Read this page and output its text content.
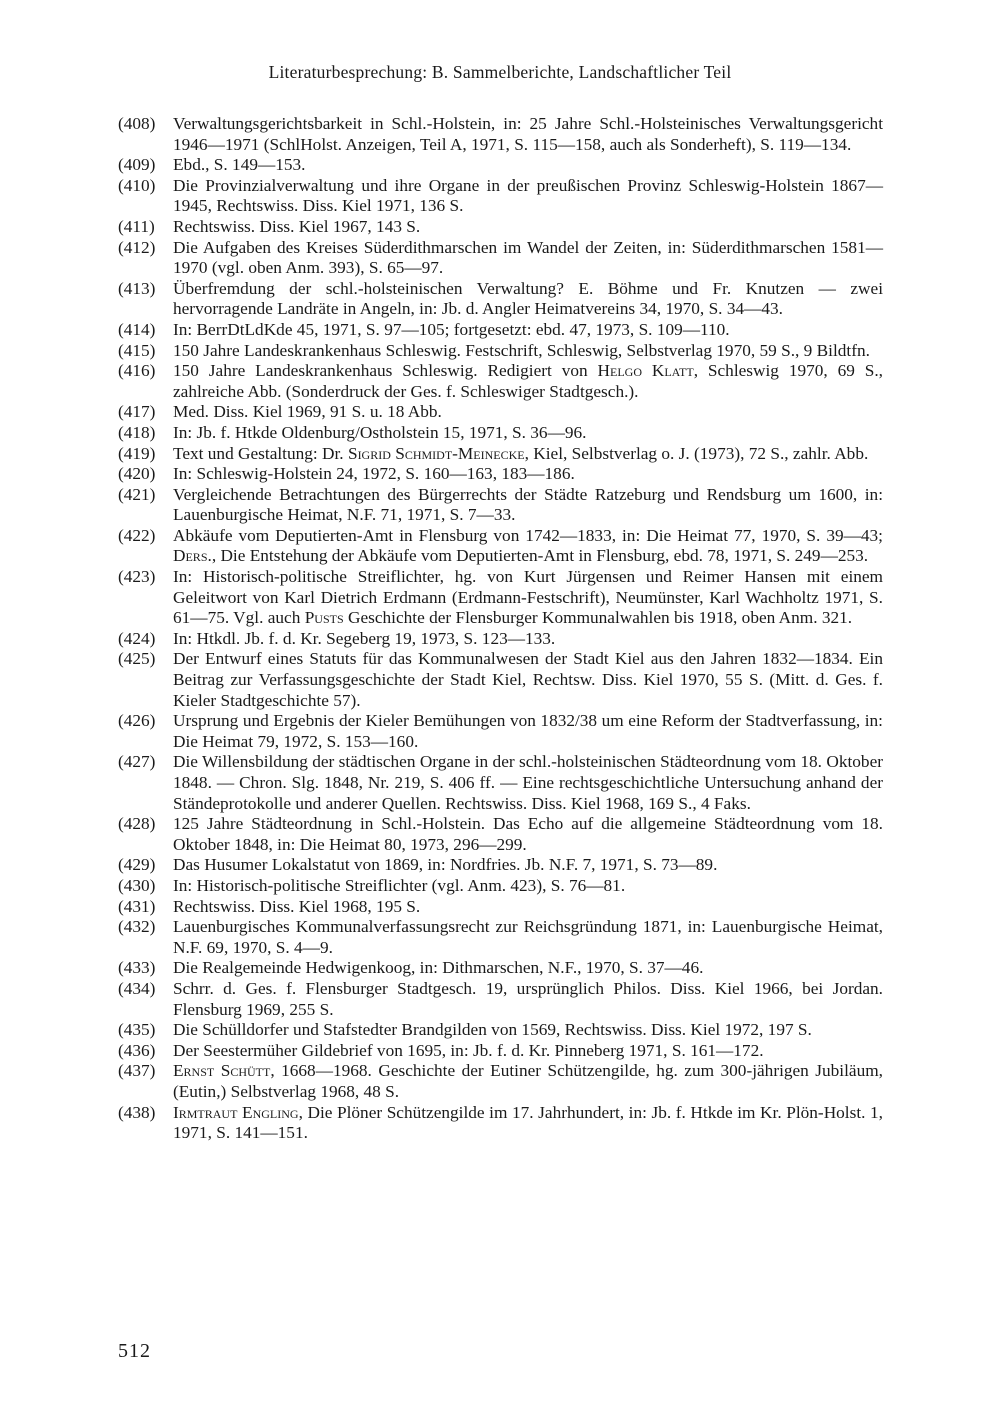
Literaturbesprechung: B. Sammelberichte, Landschaftlicher Teil
(408) Verwaltungsgerichtsbarkeit in Schl.-Holstein, in: 25 Jahre Schl.-Holsteinisches Verwaltungsgericht 1946—1971 (SchlHolst. Anzeigen, Teil A, 1971, S. 115—158, auch als Sonderheft), S. 119—134.
(409) Ebd., S. 149—153.
(410) Die Provinzialverwaltung und ihre Organe in der preußischen Provinz Schleswig-Holstein 1867—1945, Rechtswiss. Diss. Kiel 1971, 136 S.
(411) Rechtswiss. Diss. Kiel 1967, 143 S.
(412) Die Aufgaben des Kreises Süderdithmarschen im Wandel der Zeiten, in: Süderdithmarschen 1581—1970 (vgl. oben Anm. 393), S. 65—97.
(413) Überfremdung der schl.-holsteinischen Verwaltung? E. Böhme und Fr. Knutzen — zwei hervorragende Landräte in Angeln, in: Jb. d. Angler Heimatvereins 34, 1970, S. 34—43.
(414) In: BerrDtLdKde 45, 1971, S. 97—105; fortgesetzt: ebd. 47, 1973, S. 109—110.
(415) 150 Jahre Landeskrankenhaus Schleswig. Festschrift, Schleswig, Selbstverlag 1970, 59 S., 9 Bildtfn.
(416) 150 Jahre Landeskrankenhaus Schleswig. Redigiert von Helgo Klatt, Schleswig 1970, 69 S., zahlreiche Abb. (Sonderdruck der Ges. f. Schleswiger Stadtgesch.).
(417) Med. Diss. Kiel 1969, 91 S. u. 18 Abb.
(418) In: Jb. f. Htkde Oldenburg/Ostholstein 15, 1971, S. 36—96.
(419) Text und Gestaltung: Dr. Sigrid Schmidt-Meinecke, Kiel, Selbstverlag o. J. (1973), 72 S., zahlr. Abb.
(420) In: Schleswig-Holstein 24, 1972, S. 160—163, 183—186.
(421) Vergleichende Betrachtungen des Bürgerrechts der Städte Ratzeburg und Rendsburg um 1600, in: Lauenburgische Heimat, N.F. 71, 1971, S. 7—33.
(422) Abkäufe vom Deputierten-Amt in Flensburg von 1742—1833, in: Die Heimat 77, 1970, S. 39—43; Ders., Die Entstehung der Abkäufe vom Deputierten-Amt in Flensburg, ebd. 78, 1971, S. 249—253.
(423) In: Historisch-politische Streiflichter, hg. von Kurt Jürgensen und Reimer Hansen mit einem Geleitwort von Karl Dietrich Erdmann (Erdmann-Festschrift), Neumünster, Karl Wachholtz 1971, S. 61—75. Vgl. auch Pusts Geschichte der Flensburger Kommunalwahlen bis 1918, oben Anm. 321.
(424) In: Htkdl. Jb. f. d. Kr. Segeberg 19, 1973, S. 123—133.
(425) Der Entwurf eines Statuts für das Kommunalwesen der Stadt Kiel aus den Jahren 1832—1834. Ein Beitrag zur Verfassungsgeschichte der Stadt Kiel, Rechtsw. Diss. Kiel 1970, 55 S. (Mitt. d. Ges. f. Kieler Stadtgeschichte 57).
(426) Ursprung und Ergebnis der Kieler Bemühungen von 1832/38 um eine Reform der Stadtverfassung, in: Die Heimat 79, 1972, S. 153—160.
(427) Die Willensbildung der städtischen Organe in der schl.-holsteinischen Städteordnung vom 18. Oktober 1848. — Chron. Slg. 1848, Nr. 219, S. 406 ff. — Eine rechtsgeschichtliche Untersuchung anhand der Ständeprotokolle und anderer Quellen. Rechtswiss. Diss. Kiel 1968, 169 S., 4 Faks.
(428) 125 Jahre Städteordnung in Schl.-Holstein. Das Echo auf die allgemeine Städteordnung vom 18. Oktober 1848, in: Die Heimat 80, 1973, 296—299.
(429) Das Husumer Lokalstatut von 1869, in: Nordfries. Jb. N.F. 7, 1971, S. 73—89.
(430) In: Historisch-politische Streiflichter (vgl. Anm. 423), S. 76—81.
(431) Rechtswiss. Diss. Kiel 1968, 195 S.
(432) Lauenburgisches Kommunalverfassungsrecht zur Reichsgründung 1871, in: Lauenburgische Heimat, N.F. 69, 1970, S. 4—9.
(433) Die Realgemeinde Hedwigenkoog, in: Dithmarschen, N.F., 1970, S. 37—46.
(434) Schrr. d. Ges. f. Flensburger Stadtgesch. 19, ursprünglich Philos. Diss. Kiel 1966, bei Jordan. Flensburg 1969, 255 S.
(435) Die Schülldorfer und Stafstedter Brandgilden von 1569, Rechtswiss. Diss. Kiel 1972, 197 S.
(436) Der Seestermüher Gildebrief von 1695, in: Jb. f. d. Kr. Pinneberg 1971, S. 161—172.
(437) Ernst Schütt, 1668—1968. Geschichte der Eutiner Schützengilde, hg. zum 300-jährigen Jubiläum, (Eutin,) Selbstverlag 1968, 48 S.
(438) Irmtraut Engling, Die Plöner Schützengilde im 17. Jahrhundert, in: Jb. f. Htkde im Kr. Plön-Holst. 1, 1971, S. 141—151.
512
